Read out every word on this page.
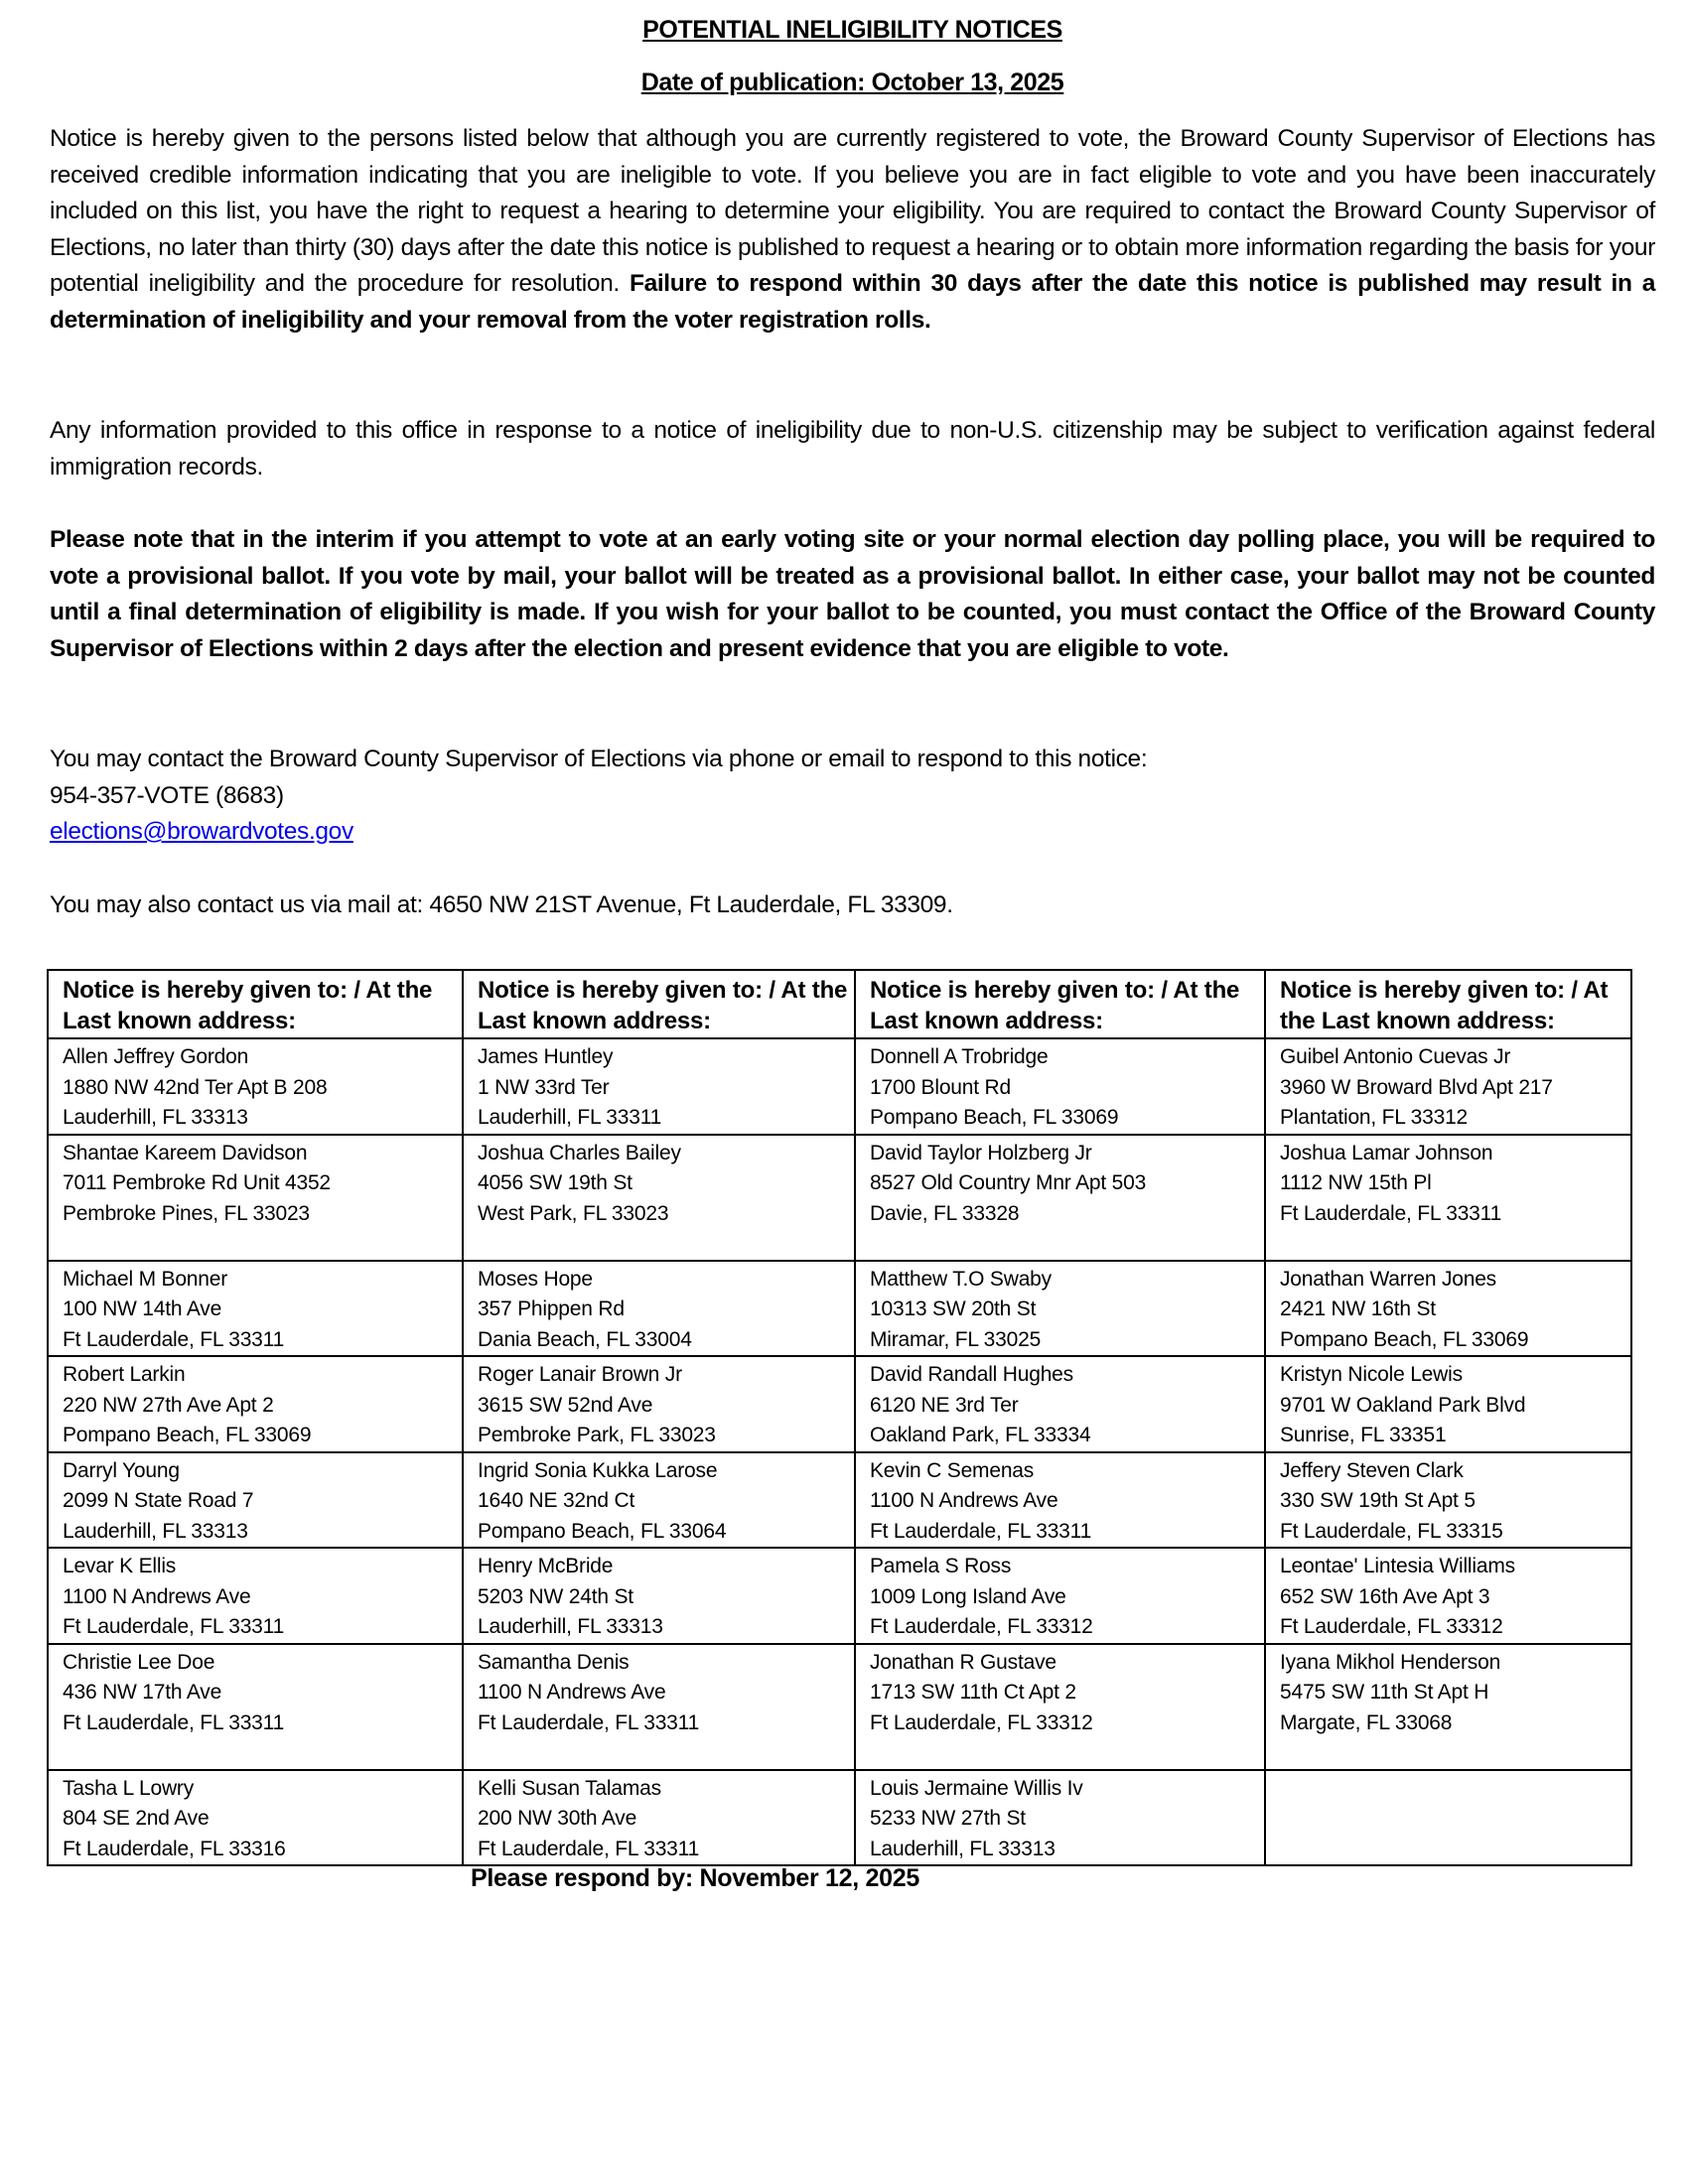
POTENTIAL INELIGIBILITY NOTICES
Date of publication: October 13, 2025
Notice is hereby given to the persons listed below that although you are currently registered to vote, the Broward County Supervisor of Elections has received credible information indicating that you are ineligible to vote. If you believe you are in fact eligible to vote and you have been inaccurately included on this list, you have the right to request a hearing to determine your eligibility. You are required to contact the Broward County Supervisor of Elections, no later than thirty (30) days after the date this notice is published to request a hearing or to obtain more information regarding the basis for your potential ineligibility and the procedure for resolution. Failure to respond within 30 days after the date this notice is published may result in a determination of ineligibility and your removal from the voter registration rolls.
Any information provided to this office in response to a notice of ineligibility due to non-U.S. citizenship may be subject to verification against federal immigration records.
Please note that in the interim if you attempt to vote at an early voting site or your normal election day polling place, you will be required to vote a provisional ballot. If you vote by mail, your ballot will be treated as a provisional ballot. In either case, your ballot may not be counted until a final determination of eligibility is made. If you wish for your ballot to be counted, you must contact the Office of the Broward County Supervisor of Elections within 2 days after the election and present evidence that you are eligible to vote.
You may contact the Broward County Supervisor of Elections via phone or email to respond to this notice:
954-357-VOTE (8683)
elections@browardvotes.gov
You may also contact us via mail at: 4650 NW 21ST Avenue, Ft Lauderdale, FL 33309.
Notice is hereby given to: / At the Last known address:	Notice is hereby given to: / At the Last known address:	Notice is hereby given to: / At the Last known address:	Notice is hereby given to: / At the Last known address:

Allen Jeffrey Gordon
1880 NW 42nd Ter Apt B 208
Lauderhill, FL 33313	James Huntley
1 NW 33rd Ter
Lauderhill, FL 33311	Donnell A Trobridge
1700 Blount Rd
Pompano Beach, FL 33069	Guibel Antonio Cuevas Jr
3960 W Broward Blvd Apt 217
Plantation, FL 33312

Shantae Kareem Davidson
7011 Pembroke Rd Unit 4352
Pembroke Pines, FL 33023	Joshua Charles Bailey
4056 SW 19th St
West Park, FL 33023	David Taylor Holzberg Jr
8527 Old Country Mnr Apt 503
Davie, FL 33328	Joshua Lamar Johnson
1112 NW 15th Pl
Ft Lauderdale, FL 33311

Michael M Bonner
100 NW 14th Ave
Ft Lauderdale, FL 33311	Moses Hope
357 Phippen Rd
Dania Beach, FL 33004	Matthew T.O Swaby
10313 SW 20th St
Miramar, FL 33025	Jonathan Warren Jones
2421 NW 16th St
Pompano Beach, FL 33069

Robert Larkin
220 NW 27th Ave Apt 2
Pompano Beach, FL 33069	Roger Lanair Brown Jr
3615 SW 52nd Ave
Pembroke Park, FL 33023	David Randall Hughes
6120 NE 3rd Ter
Oakland Park, FL 33334	Kristyn Nicole Lewis
9701 W Oakland Park Blvd
Sunrise, FL 33351

Darryl Young
2099 N State Road 7
Lauderhill, FL 33313	Ingrid Sonia Kukka Larose
1640 NE 32nd Ct
Pompano Beach, FL 33064	Kevin C Semenas
1100 N Andrews Ave
Ft Lauderdale, FL 33311	Jeffery Steven Clark
330 SW 19th St Apt 5
Ft Lauderdale, FL 33315

Levar K Ellis
1100 N Andrews Ave
Ft Lauderdale, FL 33311	Henry McBride
5203 NW 24th St
Lauderhill, FL 33313	Pamela S Ross
1009 Long Island Ave
Ft Lauderdale, FL 33312	Leontae' Lintesia Williams
652 SW 16th Ave Apt 3
Ft Lauderdale, FL 33312

Christie Lee Doe
436 NW 17th Ave
Ft Lauderdale, FL 33311	Samantha Denis
1100 N Andrews Ave
Ft Lauderdale, FL 33311	Jonathan R Gustave
1713 SW 11th Ct Apt 2
Ft Lauderdale, FL 33312	Iyana Mikhol Henderson
5475 SW 11th St Apt H
Margate, FL 33068

Tasha L Lowry
804 SE 2nd Ave
Ft Lauderdale, FL 33316	Kelli Susan Talamas
200 NW 30th Ave
Ft Lauderdale, FL 33311	Louis Jermaine Willis Iv
5233 NW 27th St
Lauderhill, FL 33313	

Please respond by: November 12, 2025
